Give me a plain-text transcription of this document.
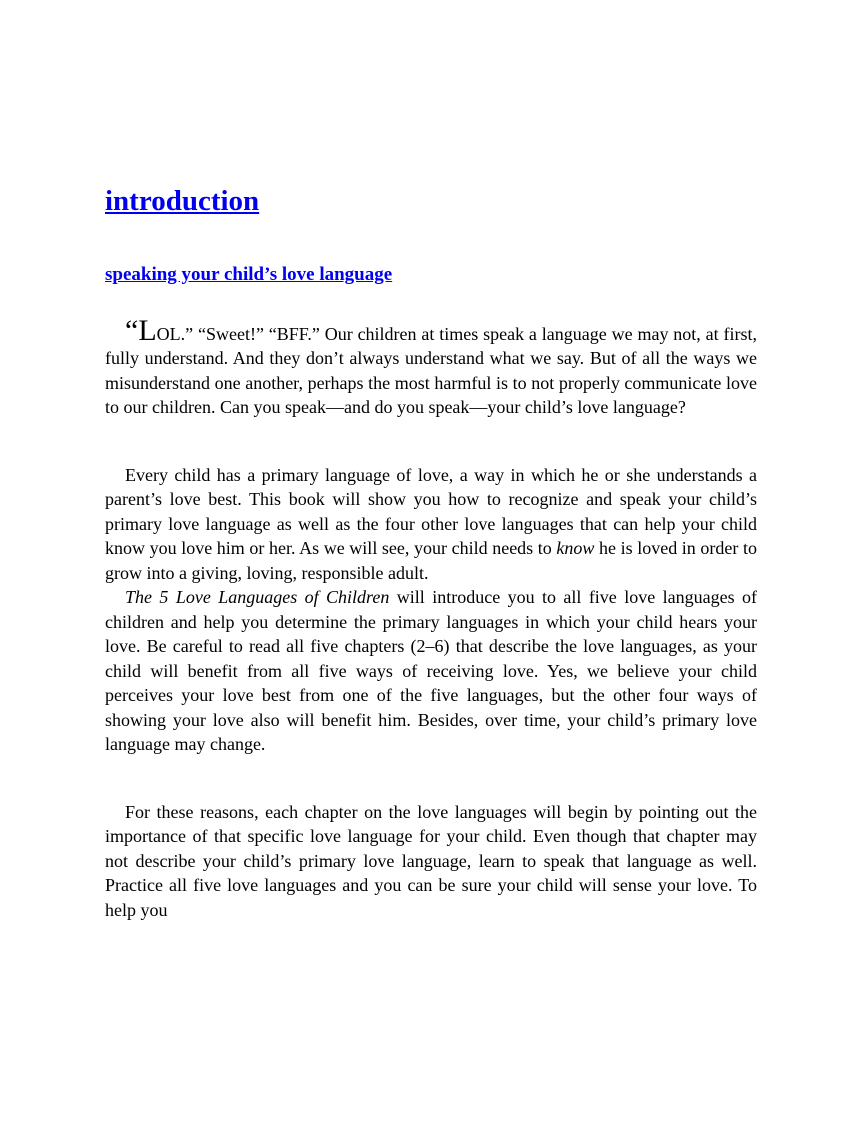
introduction
speaking your child’s love language

“LOL.” “Sweet!” “BFF.” Our children at times speak a language we may not, at first, fully understand. And they don’t always understand what we say. But of all the ways we misunderstand one another, perhaps the most harmful is to not properly communicate love to our children. Can you speak—and do you speak—your child’s love language?

Every child has a primary language of love, a way in which he or she understands a parent’s love best. This book will show you how to recognize and speak your child’s primary love language as well as the four other love languages that can help your child know you love him or her. As we will see, your child needs to know he is loved in order to grow into a giving, loving, responsible adult.

The 5 Love Languages of Children will introduce you to all five love languages of children and help you determine the primary languages in which your child hears your love. Be careful to read all five chapters (2–6) that describe the love languages, as your child will benefit from all five ways of receiving love. Yes, we believe your child perceives your love best from one of the five languages, but the other four ways of showing your love also will benefit him. Besides, over time, your child’s primary love language may change.

For these reasons, each chapter on the love languages will begin by pointing out the importance of that specific love language for your child. Even though that chapter may not describe your child’s primary love language, learn to speak that language as well. Practice all five love languages and you can be sure your child will sense your love. To help you
